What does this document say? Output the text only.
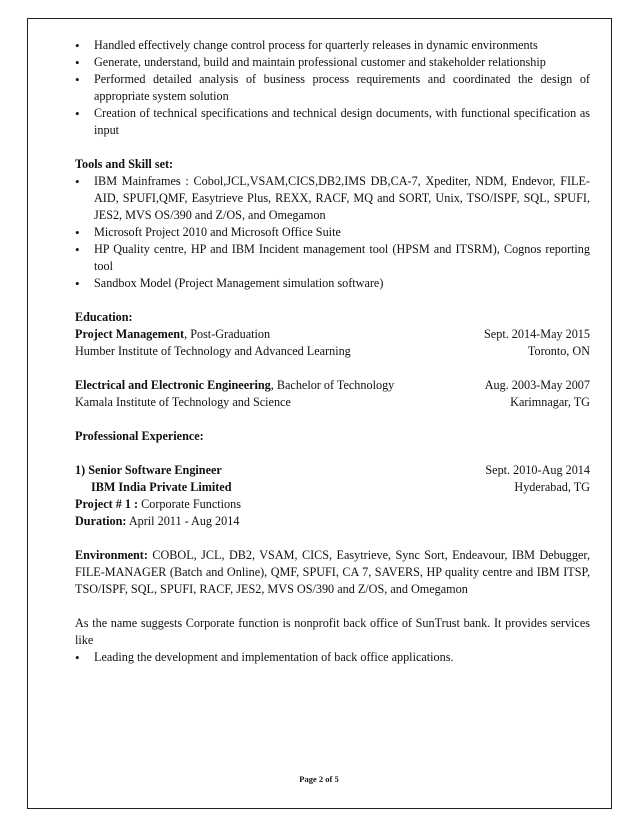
• Handled effectively change control process for quarterly releases in dynamic environments
• Generate, understand, build and maintain professional customer and stakeholder relationship
• Performed detailed analysis of business process requirements and coordinated the design of appropriate system solution
• Creation of technical specifications and technical design documents, with functional specification as input
Tools and Skill set:
• IBM Mainframes : Cobol,JCL,VSAM,CICS,DB2,IMS DB,CA-7, Xpediter, NDM, Endevor, FILE-AID, SPUFI,QMF, Easytrieve Plus, REXX, RACF, MQ and SORT, Unix, TSO/ISPF, SQL, SPUFI, JES2, MVS OS/390 and Z/OS, and Omegamon
• Microsoft Project 2010 and Microsoft Office Suite
• HP Quality centre, HP and IBM Incident management tool (HPSM and ITSRM), Cognos reporting tool
• Sandbox Model (Project Management simulation software)
Education:
Project Management, Post-Graduation	Sept. 2014-May 2015
Humber Institute of Technology and Advanced Learning	Toronto, ON
Electrical and Electronic Engineering, Bachelor of Technology	Aug. 2003-May 2007
Kamala Institute of Technology and Science	Karimnagar, TG
Professional Experience:
1) Senior Software Engineer	Sept. 2010-Aug 2014
IBM India Private Limited	Hyderabad, TG
Project # 1 : Corporate Functions
Duration: April 2011 - Aug 2014
Environment: COBOL, JCL, DB2, VSAM, CICS, Easytrieve, Sync Sort, Endeavour, IBM Debugger, FILE-MANAGER (Batch and Online), QMF, SPUFI, CA 7, SAVERS, HP quality centre and IBM ITSP, TSO/ISPF, SQL, SPUFI, RACF, JES2, MVS OS/390 and Z/OS, and Omegamon
As the name suggests Corporate function is nonprofit back office of SunTrust bank. It provides services like
• Leading the development and implementation of back office applications.
Page 2 of 5
